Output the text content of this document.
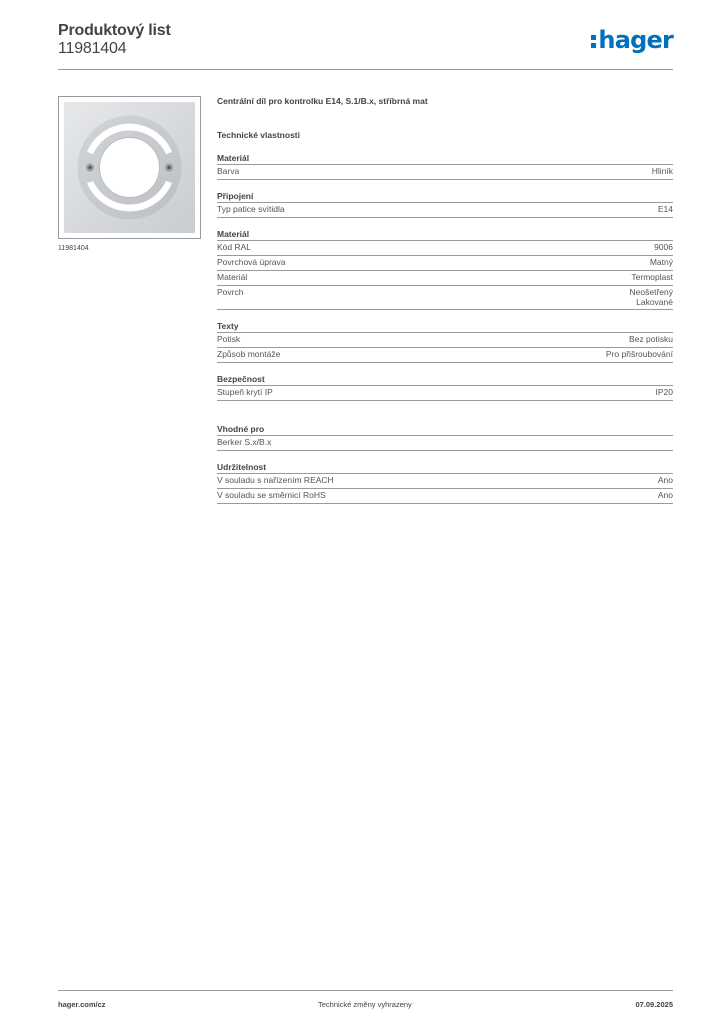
Produktový list
11981404	hager
11981404
Centrální díl pro kontrolku E14, S.1/B.x, stříbrná mat
Technické vlastnosti
Materiál
Barva	Hliník
Připojení
Typ patice svítidla	E14
Materiál
Kód RAL	9006
Povrchová úprava	Matný
Materiál	Termoplast
Povrch	Neošetřený
Lakované
Texty
Potisk	Bez potisku
Způsob montáže	Pro přišroubování
Bezpečnost
Stupeň krytí IP	IP20
Vhodné pro
Berker S.x/B.x
Udržitelnost
V souladu s nařízením REACH	Ano
V souladu se směrnicí RoHS	Ano
hager.com/cz	Technické změny vyhrazeny	07.09.2025
